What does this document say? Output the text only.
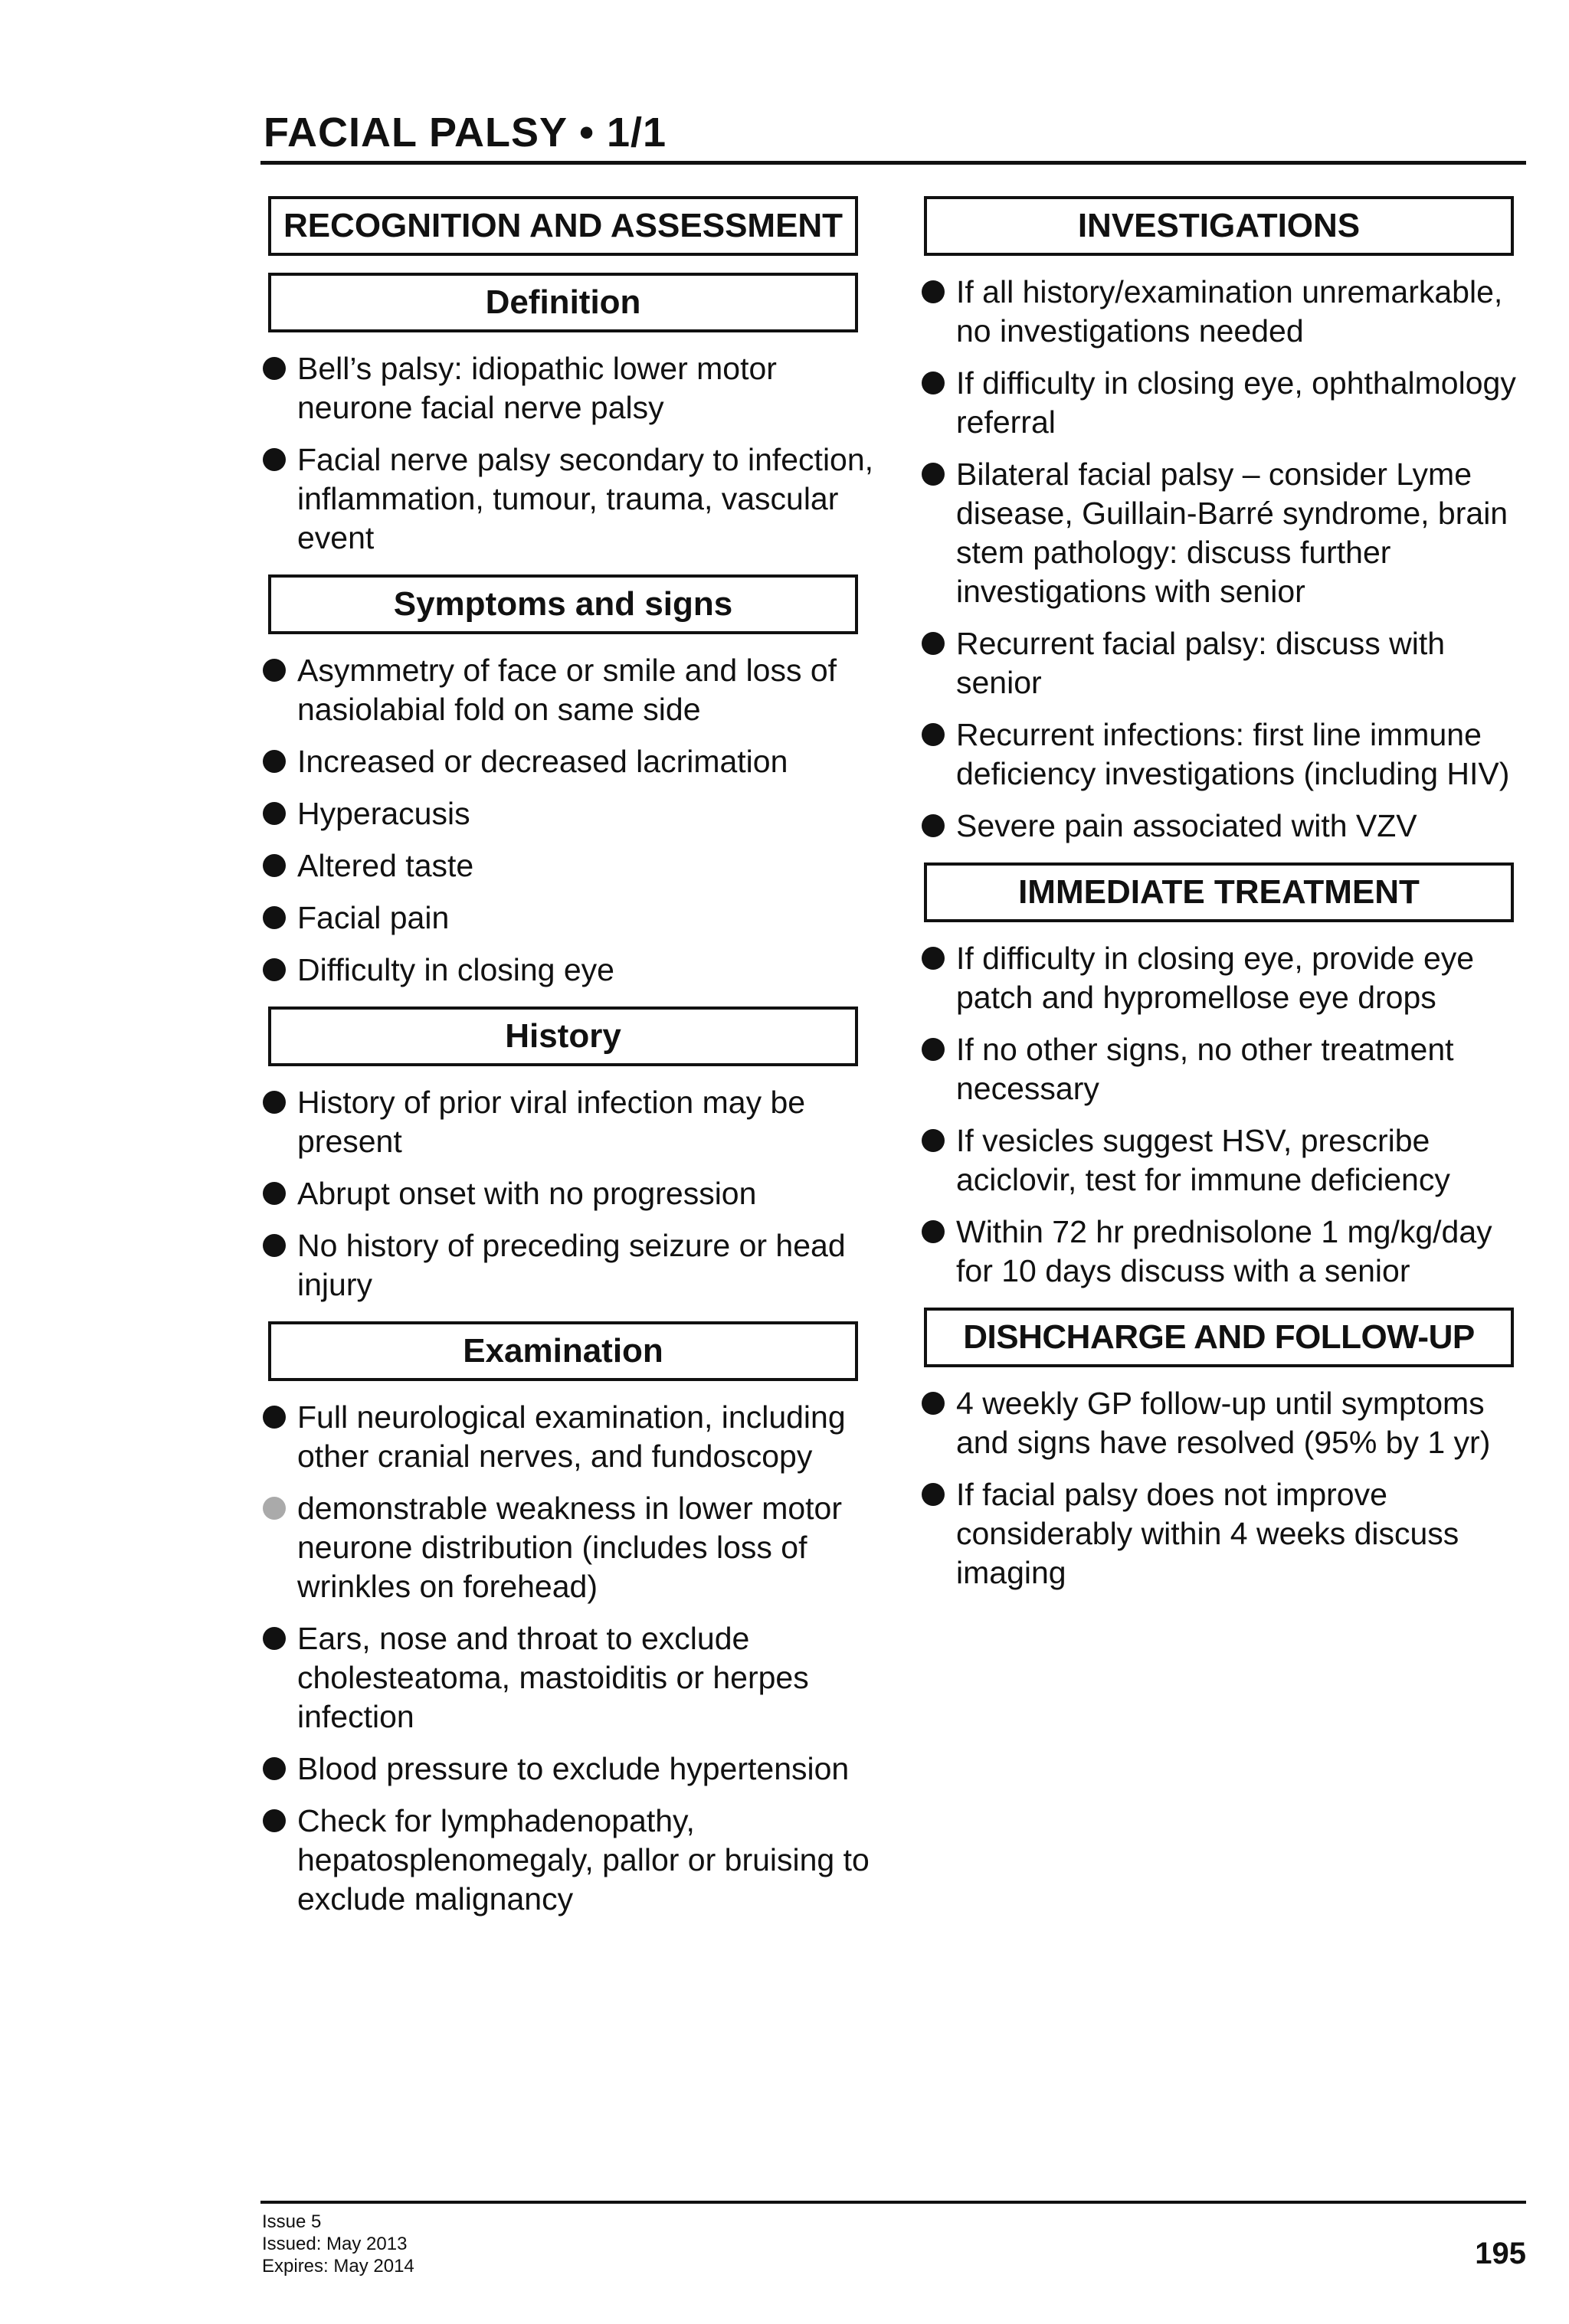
FACIAL PALSY • 1/1
RECOGNITION AND ASSESSMENT
Definition
Bell’s palsy: idiopathic lower motor neurone facial nerve palsy
Facial nerve palsy secondary to infection, inflammation, tumour, trauma, vascular event
Symptoms and signs
Asymmetry of face or smile and loss of nasiolabial fold on same side
Increased or decreased lacrimation
Hyperacusis
Altered taste
Facial pain
Difficulty in closing eye
History
History of prior viral infection may be present
Abrupt onset with no progression
No history of preceding seizure or head injury
Examination
Full neurological examination, including other cranial nerves, and fundoscopy
demonstrable weakness in lower motor neurone distribution (includes loss of wrinkles on forehead)
Ears, nose and throat to exclude cholesteatoma, mastoiditis or herpes infection
Blood pressure to exclude hypertension
Check for lymphadenopathy, hepatosplenomegaly, pallor or bruising to exclude malignancy
INVESTIGATIONS
If all history/examination unremarkable, no investigations needed
If difficulty in closing eye, ophthalmology referral
Bilateral facial palsy – consider Lyme disease, Guillain-Barré syndrome, brain stem pathology: discuss further investigations with senior
Recurrent facial palsy: discuss with senior
Recurrent infections: first line immune deficiency investigations (including HIV)
Severe pain associated with VZV
IMMEDIATE TREATMENT
If difficulty in closing eye, provide eye patch and hypromellose eye drops
If no other signs, no other treatment necessary
If vesicles suggest HSV, prescribe aciclovir, test for immune deficiency
Within 72 hr prednisolone 1 mg/kg/day for 10 days discuss with a senior
DISHCHARGE AND FOLLOW-UP
4 weekly GP follow-up until symptoms and signs have resolved (95% by 1 yr)
If facial palsy does not improve considerably within 4 weeks discuss imaging
Issue 5
Issued: May 2013
Expires: May 2014	195
